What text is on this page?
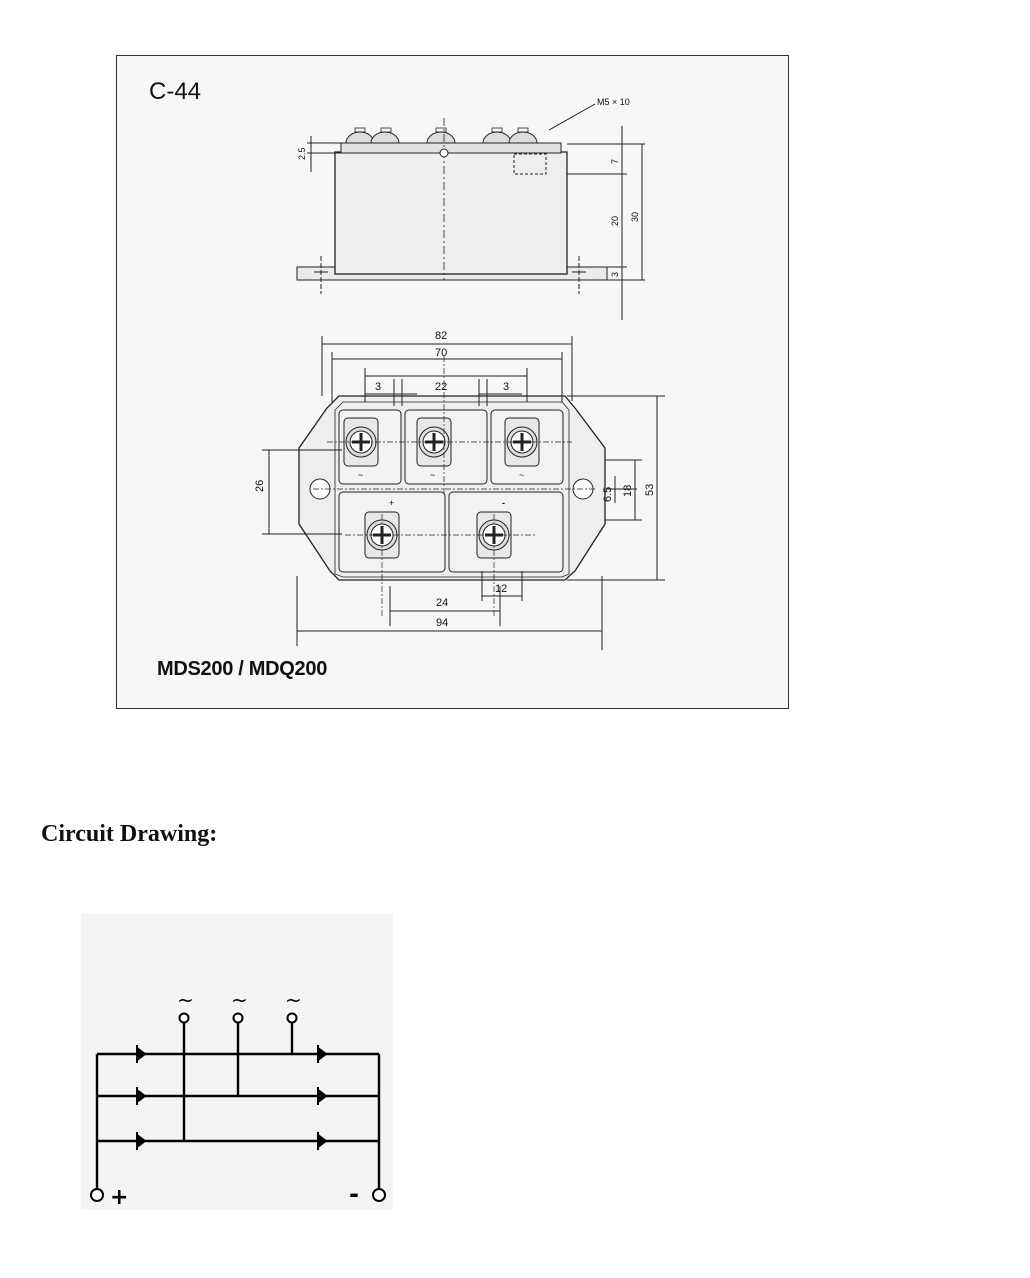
C-44	M5 × 10
2.5
7
20 30
3
82
70
22
3	3
26
6.5 18 53
24
94
12
+	-
~	~	~
MDS200 / MDQ200
Circuit Drawing:
~ ~ ~
+	-
